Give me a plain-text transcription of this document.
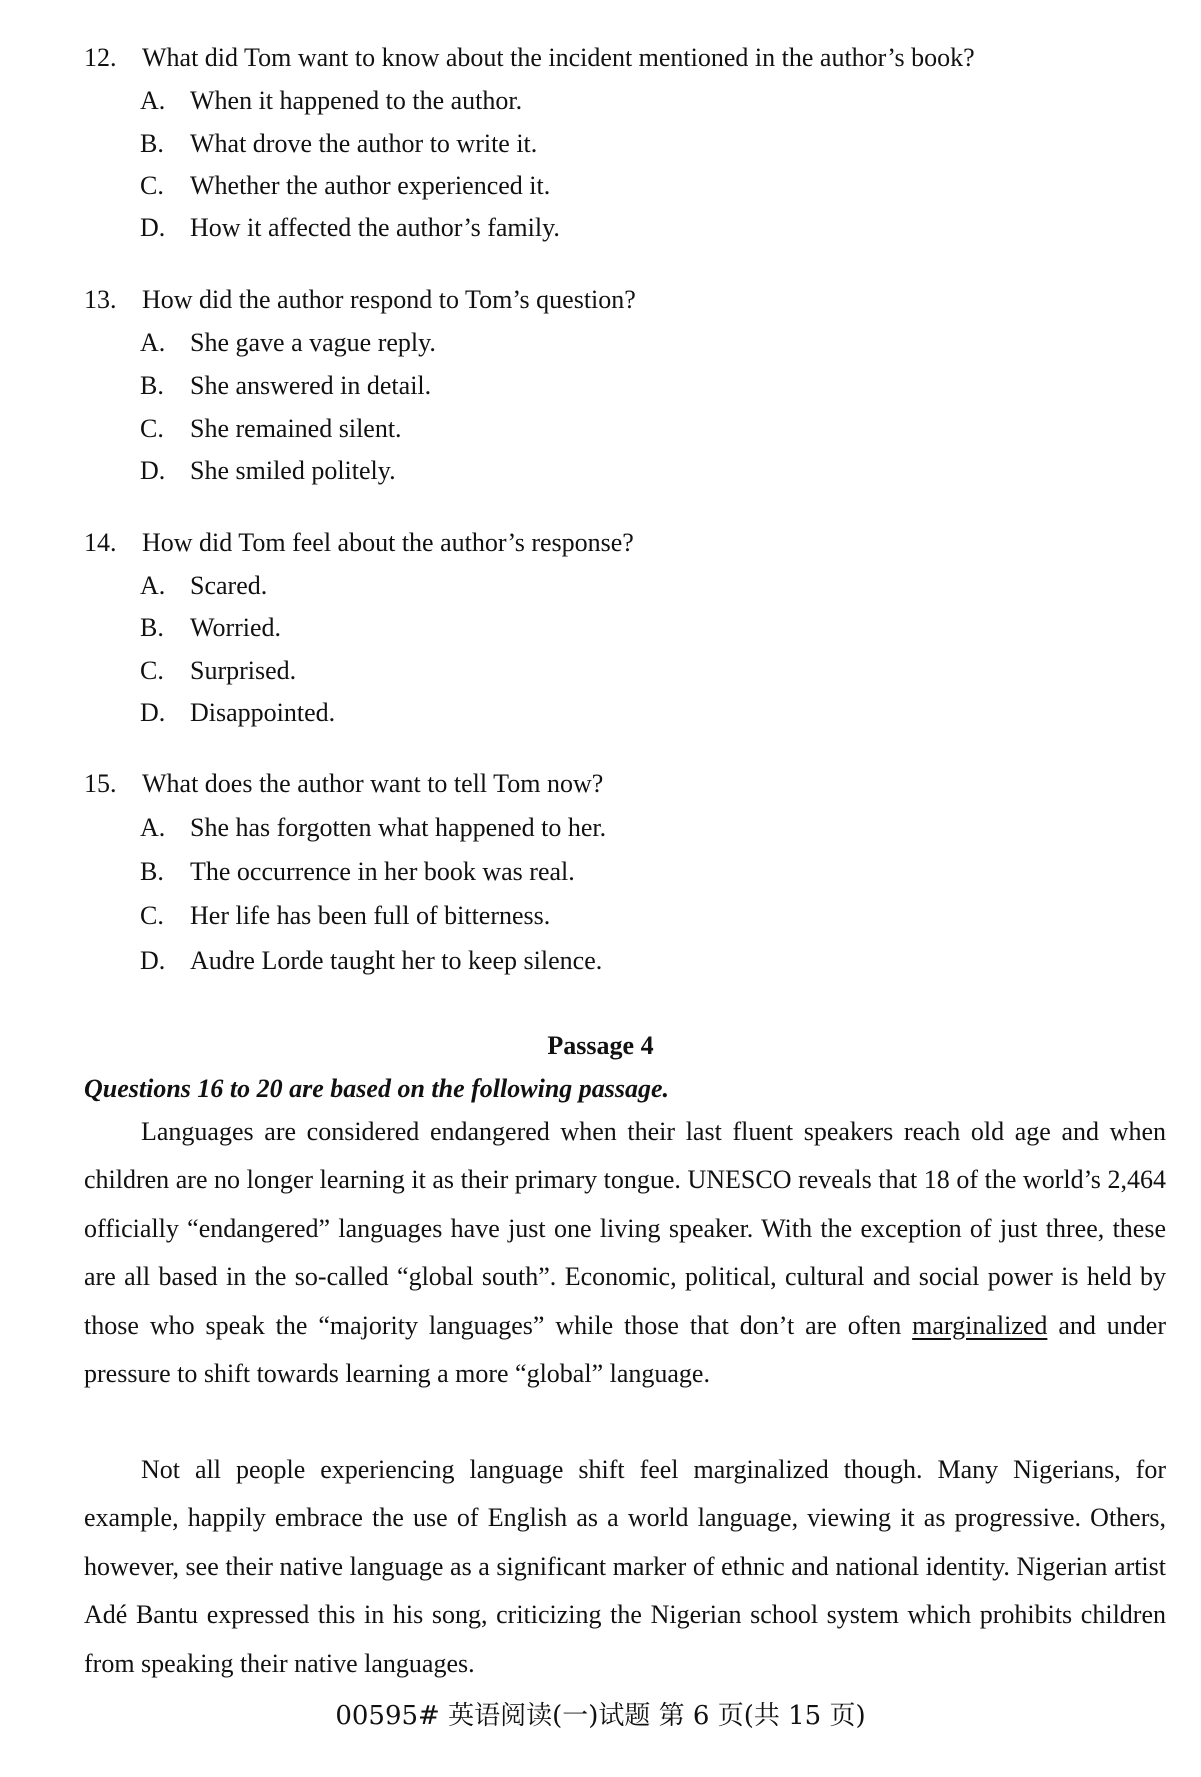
12. What did Tom want to know about the incident mentioned in the author’s book?
A. When it happened to the author.
B. What drove the author to write it.
C. Whether the author experienced it.
D. How it affected the author’s family.
13. How did the author respond to Tom’s question?
A. She gave a vague reply.
B. She answered in detail.
C. She remained silent.
D. She smiled politely.
14. How did Tom feel about the author’s response?
A. Scared.
B. Worried.
C. Surprised.
D. Disappointed.
15. What does the author want to tell Tom now?
A. She has forgotten what happened to her.
B. The occurrence in her book was real.
C. Her life has been full of bitterness.
D. Audre Lorde taught her to keep silence.
Passage 4
Questions 16 to 20 are based on the following passage.

Languages are considered endangered when their last fluent speakers reach old age and when children are no longer learning it as their primary tongue. UNESCO reveals that 18 of the world’s 2,464 officially “endangered” languages have just one living speaker. With the exception of just three, these are all based in the so-called “global south”. Economic, political, cultural and social power is held by those who speak the “majority languages” while those that don’t are often marginalized and under pressure to shift towards learning a more “global” language.

Not all people experiencing language shift feel marginalized though. Many Nigerians, for example, happily embrace the use of English as a world language, viewing it as progressive. Others, however, see their native language as a significant marker of ethnic and national identity. Nigerian artist Adé Bantu expressed this in his song, criticizing the Nigerian school system which prohibits children from speaking their native languages.

00595# 英语阅读(一)试题 第 6 页(共 15 页)
